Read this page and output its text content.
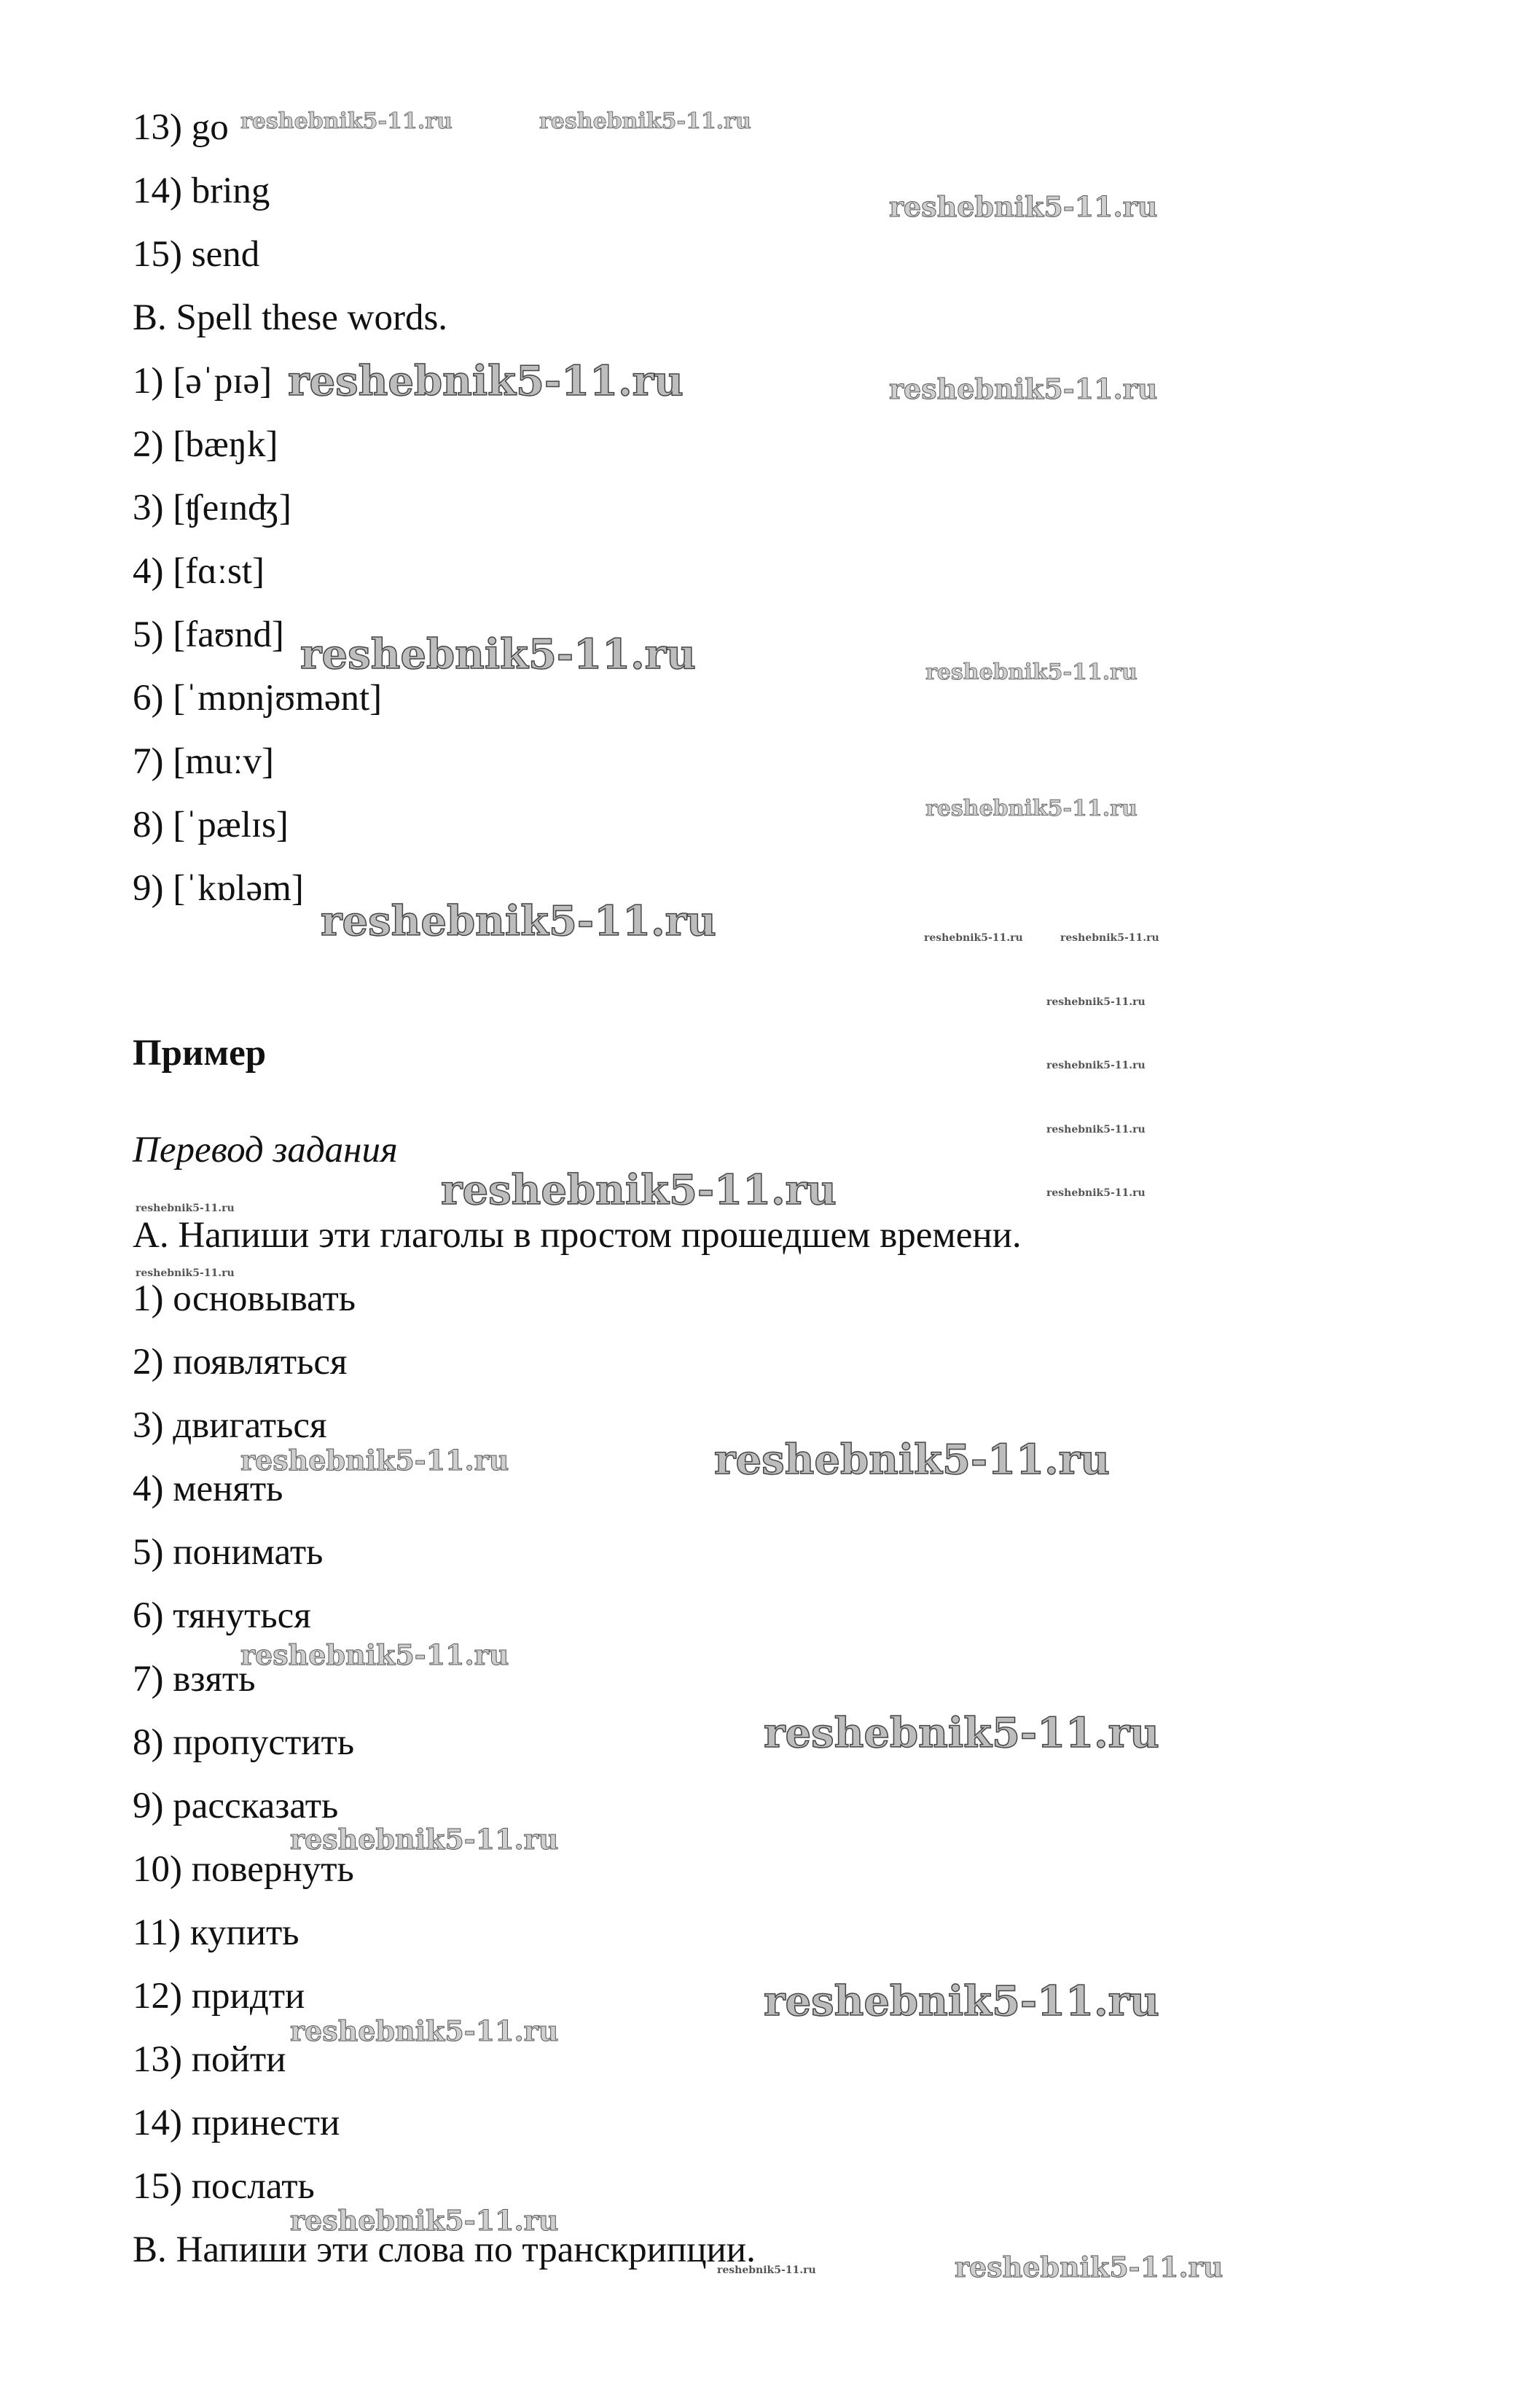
13) go
14) bring
15) send
B. Spell these words.
1) [əˈpɪə]
2) [bæŋk]
3) [ʧeɪnʤ]
4) [fɑːst]
5) [faʊnd]
6) [ˈmɒnjʊmənt]
7) [muːv]
8) [ˈpælɪs]
9) [ˈkɒləm]
Пример
Перевод задания
A. Напиши эти глаголы в простом прошедшем времени.
1) основывать
2) появляться
3) двигаться
4) менять
5) понимать
6) тянуться
7) взять
8) пропустить
9) рассказать
10) повернуть
11) купить
12) придти
13) пойти
14) принести
15) послать
B. Напиши эти слова по транскрипции.
reshebnik5-11.ru	reshebnik5-11.ru
reshebnik5-11.ru
reshebnik5-11.ru	reshebnik5-11.ru
reshebnik5-11.ru	reshebnik5-11.ru
reshebnik5-11.ru
reshebnik5-11.ru	reshebnik5-11.ru	reshebnik5-11.ru
reshebnik5-11.ru
reshebnik5-11.ru
reshebnik5-11.ru
reshebnik5-11.ru	reshebnik5-11.ru
reshebnik5-11.ru
reshebnik5-11.ru
reshebnik5-11.ru	reshebnik5-11.ru
reshebnik5-11.ru
reshebnik5-11.ru
reshebnik5-11.ru
reshebnik5-11.ru
reshebnik5-11.ru
reshebnik5-11.ru
reshebnik5-11.ru
reshebnik5-11.ru
